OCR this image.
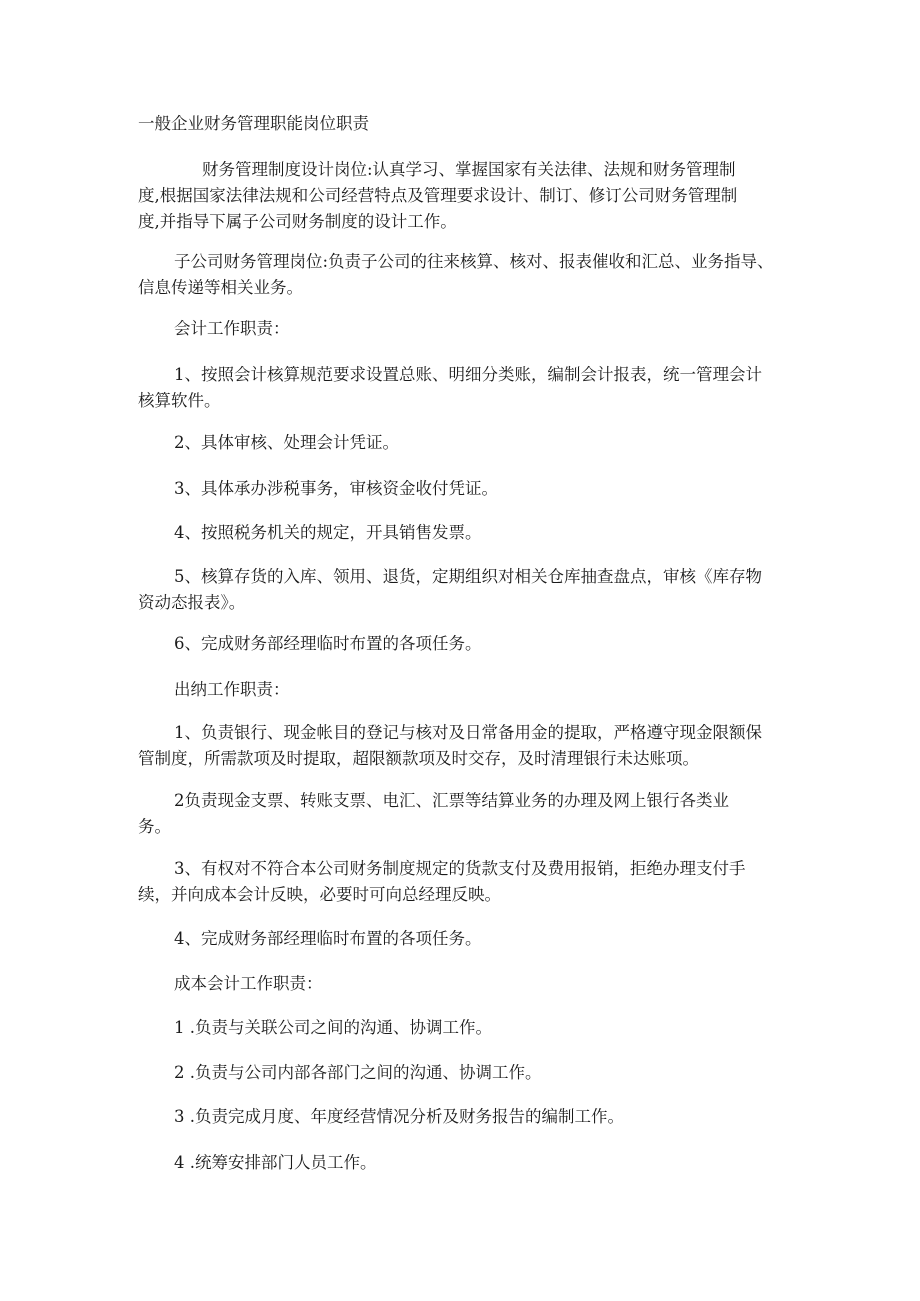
一般企业财务管理职能岗位职责

财务管理制度设计岗位:认真学习、掌握国家有关法律、法规和财务管理制
度,根据国家法律法规和公司经营特点及管理要求设计、制订、修订公司财务管理制
度,并指导下属子公司财务制度的设计工作。

子公司财务管理岗位:负责子公司的往来核算、核对、报表催收和汇总、业务指导、
信息传递等相关业务。

会计工作职责：

1、按照会计核算规范要求设置总账、明细分类账，编制会计报表，统一管理会计
核算软件。

2、具体审核、处理会计凭证。

3、具体承办涉税事务，审核资金收付凭证。

4、按照税务机关的规定，开具销售发票。

5、核算存货的入库、领用、退货，定期组织对相关仓库抽查盘点，审核《库存物
资动态报表》。

6、完成财务部经理临时布置的各项任务。

出纳工作职责：

1、负责银行、现金帐目的登记与核对及日常备用金的提取，严格遵守现金限额保
管制度，所需款项及时提取，超限额款项及时交存，及时清理银行未达账项。

2负责现金支票、转账支票、电汇、汇票等结算业务的办理及网上银行各类业
务。

3、有权对不符合本公司财务制度规定的货款支付及费用报销，拒绝办理支付手
续，并向成本会计反映，必要时可向总经理反映。

4、完成财务部经理临时布置的各项任务。

成本会计工作职责：

1 .负责与关联公司之间的沟通、协调工作。

2 .负责与公司内部各部门之间的沟通、协调工作。

3 .负责完成月度、年度经营情况分析及财务报告的编制工作。

4 .统筹安排部门人员工作。
